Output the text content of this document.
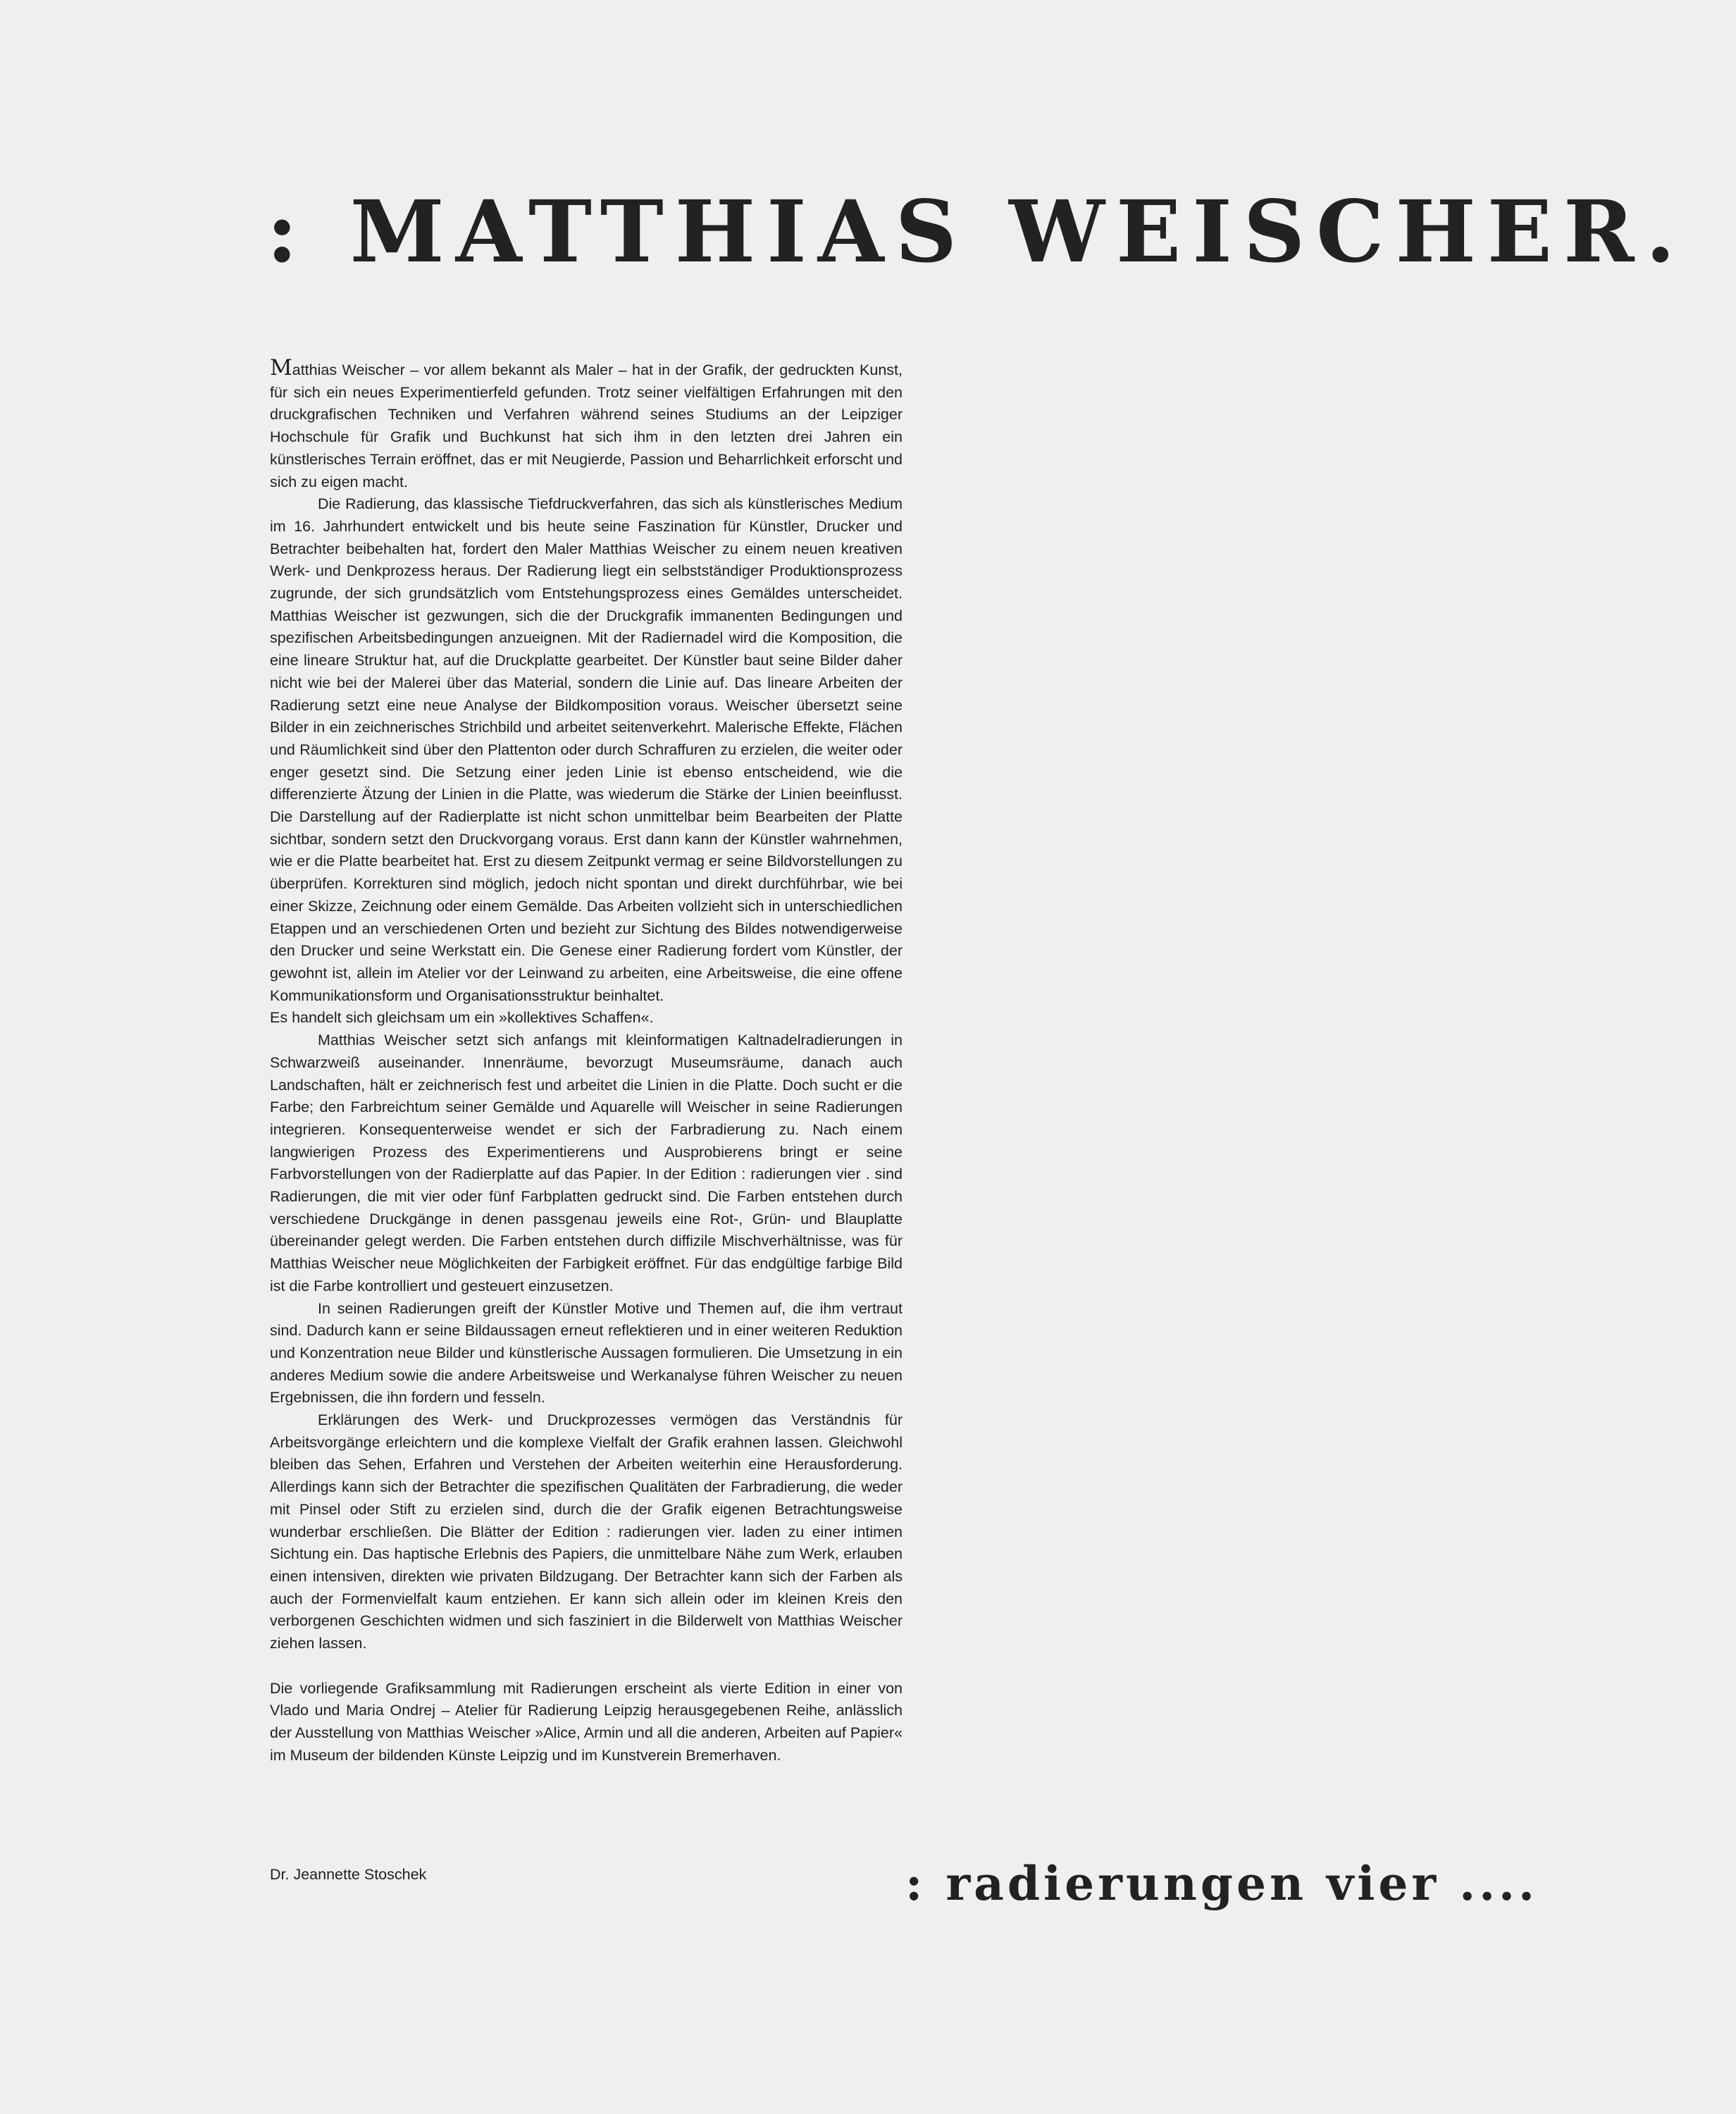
: MATTHIAS WEISCHER.

Matthias Weischer – vor allem bekannt als Maler – hat in der Grafik, der gedruckten Kunst, für sich ein neues Experimentierfeld gefunden. Trotz seiner vielfältigen Erfahrungen mit den druckgrafischen Techniken und Verfahren während seines Studiums an der Leipziger Hochschule für Grafik und Buchkunst hat sich ihm in den letzten drei Jahren ein künstlerisches Terrain eröffnet, das er mit Neugierde, Passion und Beharrlichkeit erforscht und sich zu eigen macht.

Die Radierung, das klassische Tiefdruckverfahren, das sich als künstlerisches Medium im 16. Jahrhundert entwickelt und bis heute seine Faszination für Künstler, Drucker und Betrachter beibehalten hat, fordert den Maler Matthias Weischer zu einem neuen kreativen Werk- und Denkprozess heraus. Der Radierung liegt ein selbstständiger Produktionsprozess zugrunde, der sich grundsätzlich vom Entstehungsprozess eines Gemäldes unterscheidet. Matthias Weischer ist gezwungen, sich die der Druckgrafik immanenten Bedingungen und spezifischen Arbeitsbedingungen anzueignen. Mit der Radiernadel wird die Komposition, die eine lineare Struktur hat, auf die Druckplatte gearbeitet. Der Künstler baut seine Bilder daher nicht wie bei der Malerei über das Material, sondern die Linie auf. Das lineare Arbeiten der Radierung setzt eine neue Analyse der Bildkomposition voraus. Weischer übersetzt seine Bilder in ein zeichnerisches Strichbild und arbeitet seitenverkehrt. Malerische Effekte, Flächen und Räumlichkeit sind über den Plattenton oder durch Schraffuren zu erzielen, die weiter oder enger gesetzt sind. Die Setzung einer jeden Linie ist ebenso entscheidend, wie die differenzierte Ätzung der Linien in die Platte, was wiederum die Stärke der Linien beeinflusst. Die Darstellung auf der Radierplatte ist nicht schon unmittelbar beim Bearbeiten der Platte sichtbar, sondern setzt den Druckvorgang voraus. Erst dann kann der Künstler wahrnehmen, wie er die Platte bearbeitet hat. Erst zu diesem Zeitpunkt vermag er seine Bildvorstellungen zu überprüfen. Korrekturen sind möglich, jedoch nicht spontan und direkt durchführbar, wie bei einer Skizze, Zeichnung oder einem Gemälde. Das Arbeiten vollzieht sich in unterschiedlichen Etappen und an verschiedenen Orten und bezieht zur Sichtung des Bildes notwendigerweise den Drucker und seine Werkstatt ein. Die Genese einer Radierung fordert vom Künstler, der gewohnt ist, allein im Atelier vor der Leinwand zu arbeiten, eine Arbeitsweise, die eine offene Kommunikationsform und Organisationsstruktur beinhaltet.

Es handelt sich gleichsam um ein »kollektives Schaffen«.

Matthias Weischer setzt sich anfangs mit kleinformatigen Kaltnadelradierungen in Schwarzweiß auseinander. Innenräume, bevorzugt Museumsräume, danach auch Landschaften, hält er zeichnerisch fest und arbeitet die Linien in die Platte. Doch sucht er die Farbe; den Farbreichtum seiner Gemälde und Aquarelle will Weischer in seine Radierungen integrieren. Konsequenterweise wendet er sich der Farbradierung zu. Nach einem langwierigen Prozess des Experimentierens und Ausprobierens bringt er seine Farbvorstellungen von der Radierplatte auf das Papier. In der Edition : radierungen vier . sind Radierungen, die mit vier oder fünf Farbplatten gedruckt sind. Die Farben entstehen durch verschiedene Druckgänge in denen passgenau jeweils eine Rot-, Grün- und Blauplatte übereinander gelegt werden. Die Farben entstehen durch diffizile Mischverhältnisse, was für Matthias Weischer neue Möglichkeiten der Farbigkeit eröffnet. Für das endgültige farbige Bild ist die Farbe kontrolliert und gesteuert einzusetzen.

In seinen Radierungen greift der Künstler Motive und Themen auf, die ihm vertraut sind. Dadurch kann er seine Bildaussagen erneut reflektieren und in einer weiteren Reduktion und Konzentration neue Bilder und künstlerische Aussagen formulieren. Die Umsetzung in ein anderes Medium sowie die andere Arbeitsweise und Werkanalyse führen Weischer zu neuen Ergebnissen, die ihn fordern und fesseln.

Erklärungen des Werk- und Druckprozesses vermögen das Verständnis für Arbeitsvorgänge erleichtern und die komplexe Vielfalt der Grafik erahnen lassen. Gleichwohl bleiben das Sehen, Erfahren und Verstehen der Arbeiten weiterhin eine Herausforderung. Allerdings kann sich der Betrachter die spezifischen Qualitäten der Farbradierung, die weder mit Pinsel oder Stift zu erzielen sind, durch die der Grafik eigenen Betrachtungsweise wunderbar erschließen. Die Blätter der Edition : radierungen vier. laden zu einer intimen Sichtung ein. Das haptische Erlebnis des Papiers, die unmittelbare Nähe zum Werk, erlauben einen intensiven, direkten wie privaten Bildzugang. Der Betrachter kann sich der Farben als auch der Formenvielfalt kaum entziehen. Er kann sich allein oder im kleinen Kreis den verborgenen Geschichten widmen und sich fasziniert in die Bilderwelt von Matthias Weischer ziehen lassen.

Die vorliegende Grafiksammlung mit Radierungen erscheint als vierte Edition in einer von Vlado und Maria Ondrej – Atelier für Radierung Leipzig herausgegebenen Reihe, anlässlich der Ausstellung von Matthias Weischer »Alice, Armin und all die anderen, Arbeiten auf Papier« im Museum der bildenden Künste Leipzig und im Kunstverein Bremerhaven.

Dr. Jeannette Stoschek	: radierungen vier ....
